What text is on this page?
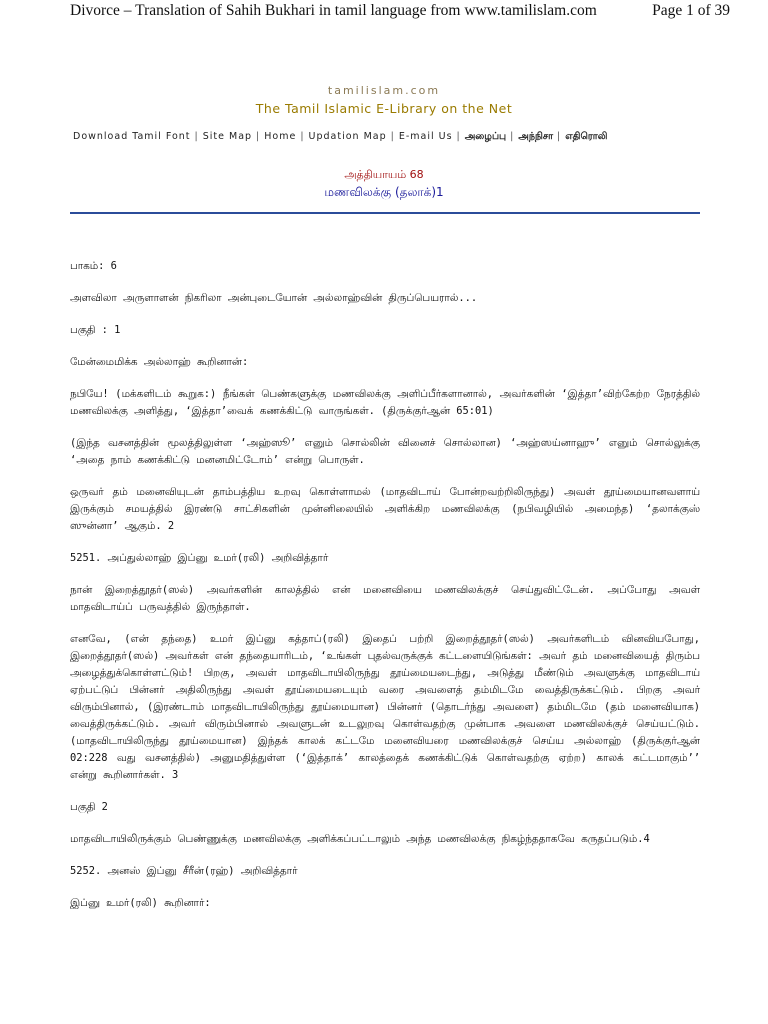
Divorce – Translation of Sahih Bukhari in tamil language from www.tamilislam.com	Page 1 of 39
tamilislam.com
The Tamil Islamic E-Library on the Net
Download Tamil Font | Site Map | Home | Updation Map | E-mail Us | அழைப்பு | அந்நிசா | எதிரொலி
அத்தியாயம் 68
மணவிலக்கு (தலாக்)1

பாகம்: 6

அளவிலா அருளாளன் நிகரிலா அன்புடையோன் அல்லாஹ்வின் திருப்பெயரால்...

பகுதி : 1

மேன்மைமிக்க அல்லாஹ் கூறினான்:

நபியே! (மக்களிடம் கூறுக:) நீங்கள் பெண்களுக்கு மணவிலக்கு அளிப்பீர்களானால், அவர்களின் ‘இத்தா’விற்கேற்ற நேரத்தில் மணவிலக்கு அளித்து, ‘இத்தா’வைக் கணக்கிட்டு வாருங்கள். (திருக்குர்ஆன் 65:01)

(இந்த வசனத்தின் மூலத்திலுள்ள ‘அஹ்ஸூ’ எனும் சொல்லின் வினைச் சொல்லான) ‘அஹ்ஸய்னாஹு’ எனும் சொல்லுக்கு ‘அதை நாம் கணக்கிட்டு மனனமிட்டோம்’ என்று பொருள்.

ஒருவர் தம் மனைவியுடன் தாம்பத்திய உறவு கொள்ளாமல் (மாதவிடாய் போன்றவற்றிலிருந்து) அவள் தூய்மையானவளாய் இருக்கும் சமயத்தில் இரண்டு சாட்சிகளின் முன்னிலையில் அளிக்கிற மணவிலக்கு (நபிவழியில் அமைந்த) ‘தலாக்குஸ் ஸுன்னா’ ஆகும். 2

5251. அப்துல்லாஹ் இப்னு உமர்(ரலி) அறிவித்தார்

நான் இறைத்தூதர்(ஸல்) அவர்களின் காலத்தில் என் மனைவியை மணவிலக்குச் செய்துவிட்டேன். அப்போது அவள் மாதவிடாய்ப் பருவத்தில் இருந்தாள்.

எனவே, (என் தந்தை) உமர் இப்னு கத்தாப்(ரலி) இதைப் பற்றி இறைத்தூதர்(ஸல்) அவர்களிடம் வினவியபோது, இறைத்தூதர்(ஸல்) அவர்கள் என் தந்தையாரிடம், ‘உங்கள் புதல்வருக்குக் கட்டளையிடுங்கள்: அவர் தம் மனைவியைத் திரும்ப அழைத்துக்கொள்ளட்டும்! பிறகு, அவள் மாதவிடாயிலிருந்து தூய்மையடைந்து, அடுத்து மீண்டும் அவளுக்கு மாதவிடாய் ஏற்பட்டுப் பின்னர் அதிலிருந்து அவள் தூய்மையடையும் வரை அவளைத் தம்மிடமே வைத்திருக்கட்டும். பிறகு அவர் விரும்பினால், (இரண்டாம் மாதவிடாயிலிருந்து தூய்மையான) பின்னர் (தொடர்ந்து அவளை) தம்மிடமே (தம் மனைவியாக) வைத்திருக்கட்டும். அவர் விரும்பினால் அவளுடன் உடலுறவு கொள்வதற்கு முன்பாக அவளை மணவிலக்குச் செய்யட்டும். (மாதவிடாயிலிருந்து தூய்மையான) இந்தக் காலக் கட்டமே மனைவியரை மணவிலக்குச் செய்ய அல்லாஹ் (திருக்குர்ஆன் 02:228 வது வசனத்தில்) அனுமதித்துள்ள (‘இத்தாக்’ காலத்தைக் கணக்கிட்டுக் கொள்வதற்கு ஏற்ற) காலக் கட்டமாகும்’’ என்று கூறினார்கள். 3

பகுதி 2

மாதவிடாயிலிருக்கும் பெண்ணுக்கு மணவிலக்கு அளிக்கப்பட்டாலும் அந்த மணவிலக்கு நிகழ்ந்ததாகவே கருதப்படும்.4

5252. அனஸ் இப்னு சீரீன்(ரஹ்) அறிவித்தார்

இப்னு உமர்(ரலி) கூறினார்:
